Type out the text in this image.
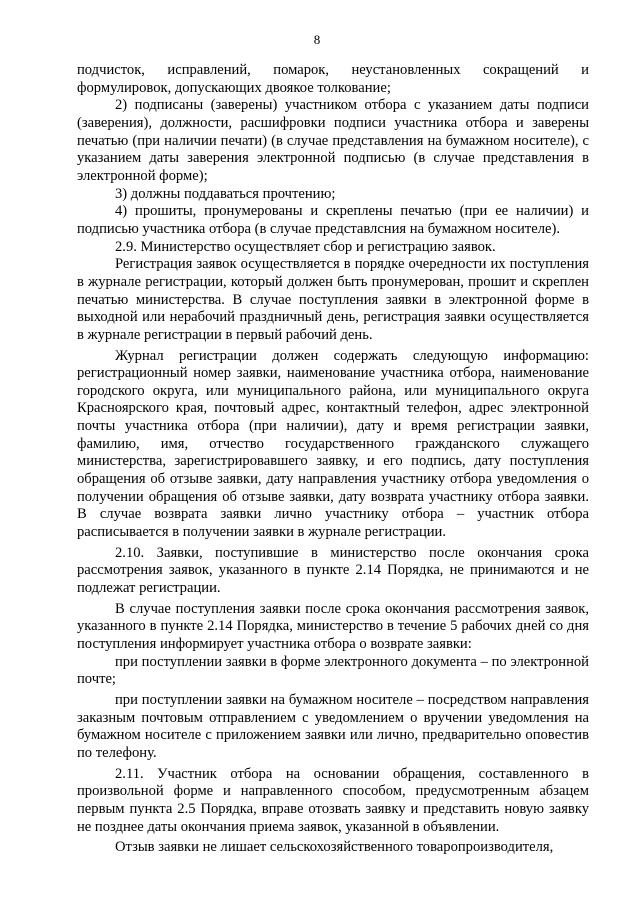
8

подчисток, исправлений, помарок, неустановленных сокращений и формулировок, допускающих двоякое толкование;

2) подписаны (заверены) участником отбора с указанием даты подписи (заверения), должности, расшифровки подписи участника отбора и заверены печатью (при наличии печати) (в случае представления на бумажном носителе), с указанием даты заверения электронной подписью (в случае представления в электронной форме);

3) должны поддаваться прочтению;

4) прошиты, пронумерованы и скреплены печатью (при ее наличии) и подписью участника отбора (в случае представлсния на бумажном носителе).

2.9. Министерство осуществляет сбор и регистрацию заявок.

Регистрация заявок осуществляется в порядке очередности их поступления в журнале регистрации, который должен быть пронумерован, прошит и скреплен печатью министерства. В случае поступления заявки в электронной форме в выходной или нерабочий праздничный день, регистрация заявки осуществляется в журнале регистрации в первый рабочий день.

Журнал регистрации должен содержать следующую информацию: регистрационный номер заявки, наименование участника отбора, наименование городского округа, или муниципального района, или муниципального округа Красноярского края, почтовый адрес, контактный телефон, адрес электронной почты участника отбора (при наличии), дату и время регистрации заявки, фамилию, имя, отчество государственного гражданского служащего министерства, зарегистрировавшего заявку, и его подпись, дату поступления обращения об отзыве заявки, дату направления участнику отбора уведомления о получении обращения об отзыве заявки, дату возврата участнику отбора заявки. В случае возврата заявки лично участнику отбора – участник отбора расписывается в получении заявки в журнале регистрации.

2.10. Заявки, поступившие в министерство после окончания срока рассмотрения заявок, указанного в пункте 2.14 Порядка, не принимаются и не подлежат регистрации.

В случае поступления заявки после срока окончания рассмотрения заявок, указанного в пункте 2.14 Порядка, министерство в течение 5 рабочих дней со дня поступления информирует участника отбора о возврате заявки:

при поступлении заявки в форме электронного документа – по электронной почте;

при поступлении заявки на бумажном носителе – посредством направления заказным почтовым отправлением с уведомлением о вручении уведомления на бумажном носителе с приложением заявки или лично, предварительно оповестив по телефону.

2.11. Участник отбора на основании обращения, составленного в произвольной форме и направленного способом, предусмотренным абзацем первым пункта 2.5 Порядка, вправе отозвать заявку и представить новую заявку не позднее даты окончания приема заявок, указанной в объявлении.

Отзыв заявки не лишает сельскохозяйственного товаропроизводителя,
